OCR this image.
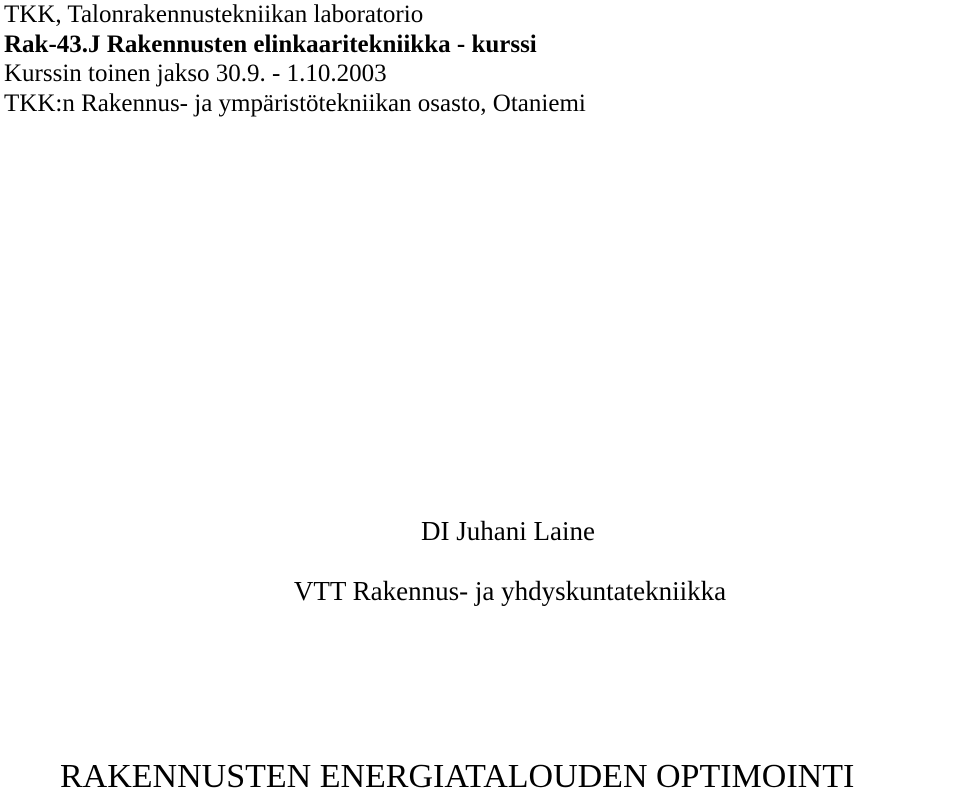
TKK, Talonrakennustekniikan laboratorio
Rak-43.J Rakennusten elinkaaritekniikka - kurssi
Kurssin toinen jakso 30.9. - 1.10.2003
TKK:n Rakennus- ja ympäristötekniikan osasto, Otaniemi
DI Juhani Laine
VTT Rakennus- ja yhdyskuntatekniikka
RAKENNUSTEN ENERGIATALOUDEN OPTIMOINTI
